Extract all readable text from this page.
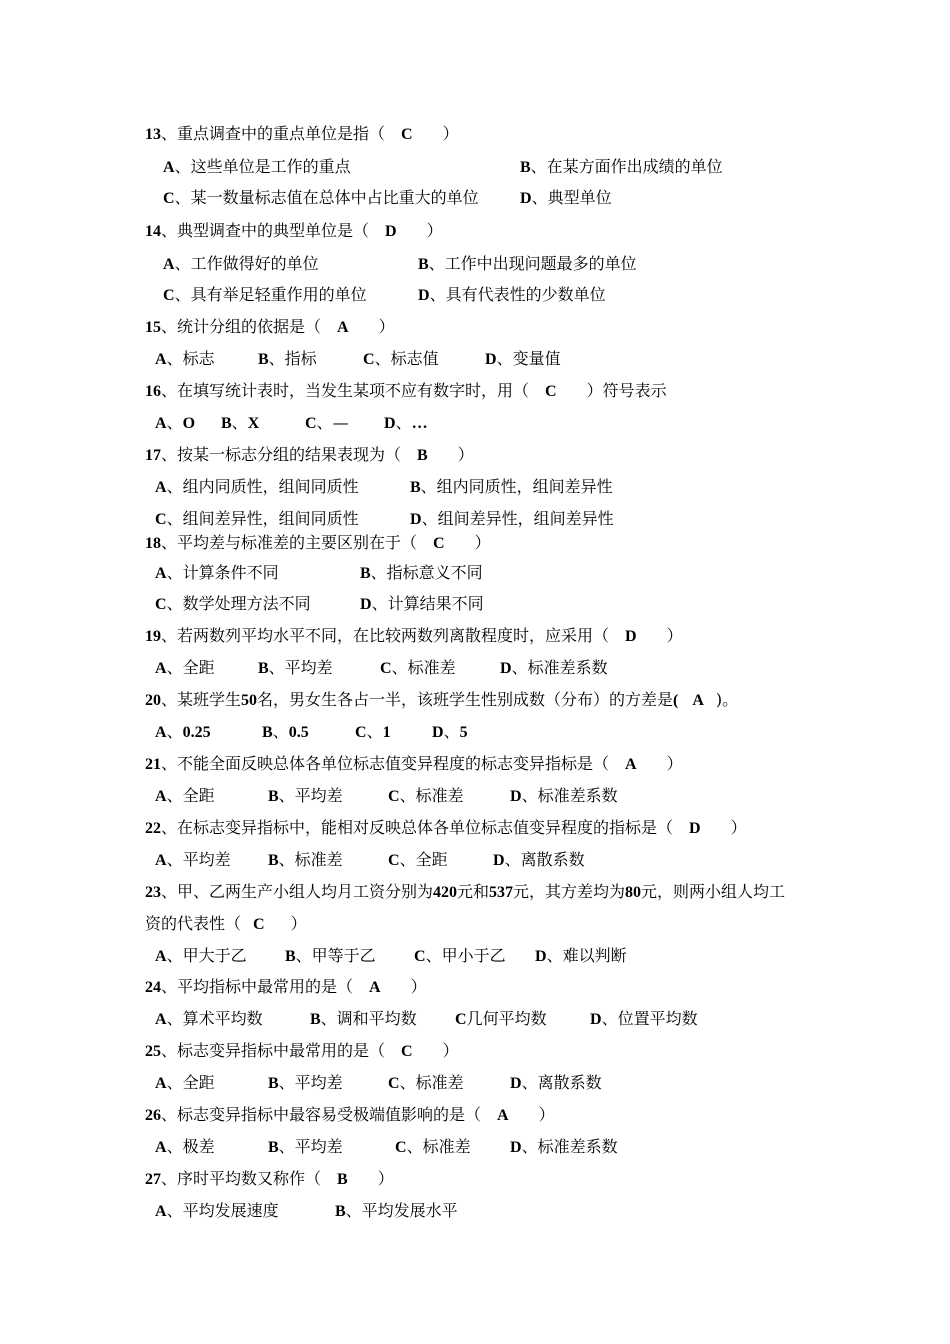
13、重点调查中的重点单位是指（ C ）
A、这些单位是工作的重点	B、在某方面作出成绩的单位
C、某一数量标志值在总体中占比重大的单位	D、典型单位
14、典型调查中的典型单位是（ D ）
A、工作做得好的单位	B、工作中出现问题最多的单位
C、具有举足轻重作用的单位	D、具有代表性的少数单位
15、统计分组的依据是（ A ）
A、标志	B、指标	C、标志值	D、变量值
16、在填写统计表时，当发生某项不应有数字时，用（ C ）符号表示
A、O B、X	C、— D、…
17、按某一标志分组的结果表现为（ B ）
A、组内同质性，组间同质性	B、组内同质性，组间差异性
C、组间差异性，组间同质性	D、组间差异性，组间差异性
18、平均差与标准差的主要区别在于（ C ）
A、计算条件不同	B、指标意义不同
C、数学处理方法不同	D、计算结果不同
19、若两数列平均水平不同，在比较两数列离散程度时，应采用（ D ）
A、全距	B、平均差	C、标准差	D、标准差系数
20、某班学生50名，男女生各占一半，该班学生性别成数（分布）的方差是( A )。
A、0.25	B、0.5	C、1	D、5
21、不能全面反映总体各单位标志值变异程度的标志变异指标是（ A ）
A、全距	B、平均差	C、标准差	D、标准差系数
22、在标志变异指标中，能相对反映总体各单位标志值变异程度的指标是（ D ）
A、平均差 B、标准差	C、全距	D、离散系数
23、甲、乙两生产小组人均月工资分别为420元和537元，其方差均为80元，则两小组人均工
资的代表性（ C ）
A、甲大于乙 B、甲等于乙 C、甲小于乙 D、难以判断
24、平均指标中最常用的是（ A ）
A、算术平均数	B、调和平均数 C几何平均数	D、位置平均数
25、标志变异指标中最常用的是（ C ）
A、全距	B、平均差	C、标准差	D、离散系数
26、标志变异指标中最容易受极端值影响的是（ A ）
A、极差	B、平均差	C、标准差 D、标准差系数
27、序时平均数又称作（ B ）
A、平均发展速度	B、平均发展水平
